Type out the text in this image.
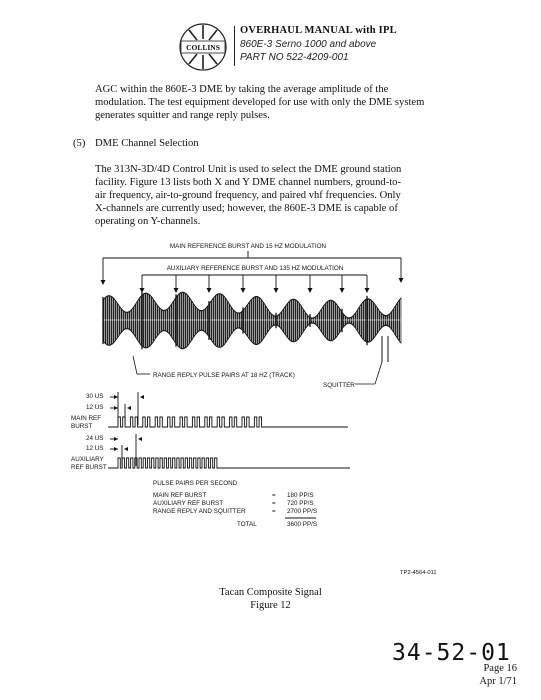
COLLINS
OVERHAUL MANUAL with IPL
860E-3 Serno 1000 and above
PART NO 522-4209-001
AGC within the 860E-3 DME by taking the average amplitude of the
modulation. The test equipment developed for use with only the DME system
generates squitter and range reply pulses.
(5) DME Channel Selection
The 313N-3D/4D Control Unit is used to select the DME ground station
facility. Figure 13 lists both X and Y DME channel numbers, ground-to-
air frequency, air-to-ground frequency, and paired vhf frequencies. Only
X-channels are currently used; however, the 860E-3 DME is capable of
operating on Y-channels.
MAIN REFERENCE BURST AND 15 HZ MODULATION
AUXILIARY REFERENCE BURST AND 135 HZ MODULATION
RANGE REPLY PULSE PAIRS AT 18 HZ (TRACK)
SQUITTER
30 US
12 US
MAIN REF
BURST
24 US
12 US
AUXILIARY
REF BURST
PULSE PAIRS PER SECOND
MAIN REF BURST	= 180 PP/S
AUXILIARY REF BURST	= 720 PP/S
RANGE REPLY AND SQUITTER	= 2700 PP/S
TOTAL	3600 PP/S
TP2-4564-011
Tacan Composite Signal
Figure 12
34-52-01
Page 16
Apr 1/71
